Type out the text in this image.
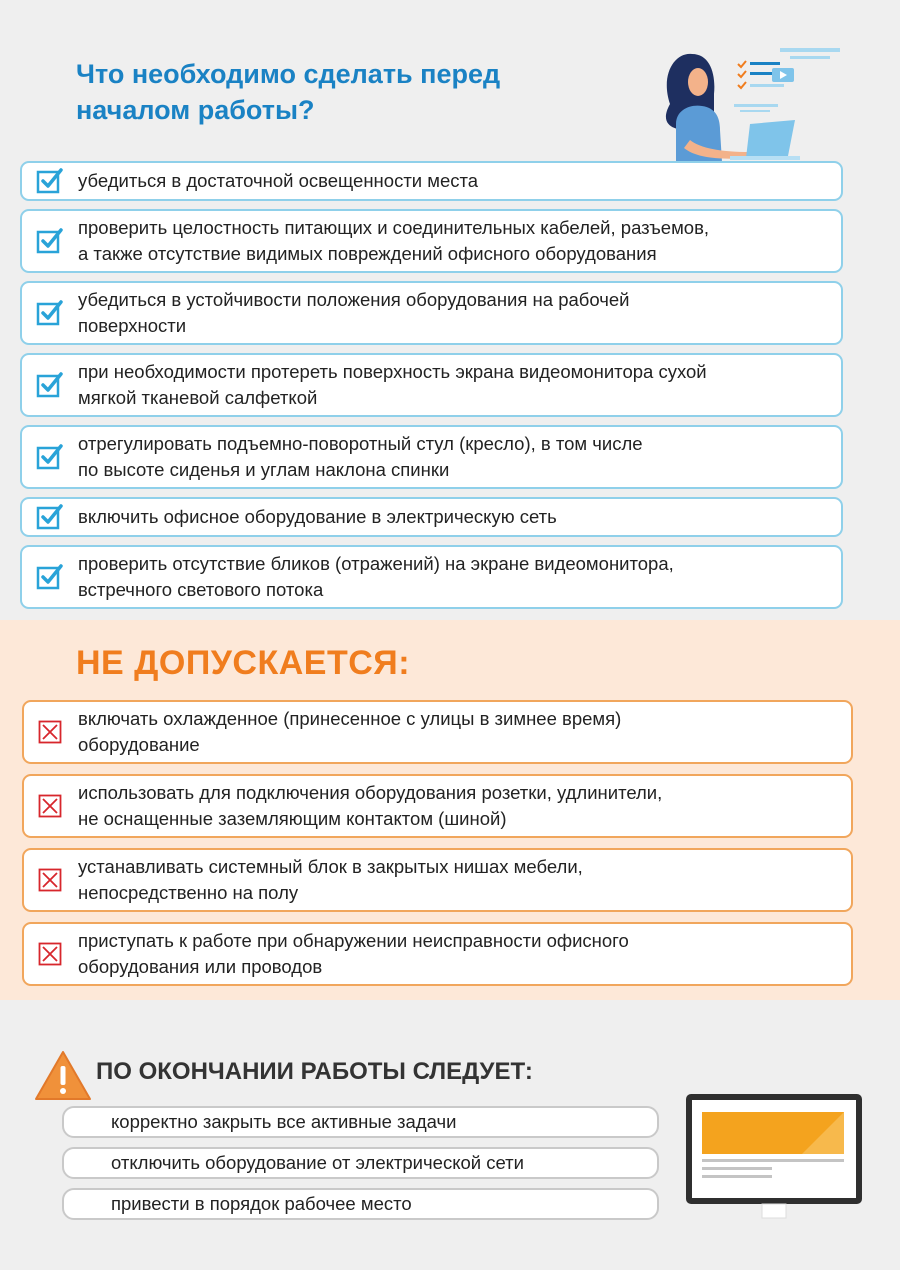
Что необходимо сделать перед
началом работы?
убедиться в достаточной освещенности места
проверить целостность питающих и соединительных кабелей, разъемов,
а также отсутствие видимых повреждений офисного оборудования
убедиться в устойчивости положения оборудования на рабочей
поверхности
при необходимости протереть поверхность экрана видеомонитора сухой
мягкой тканевой салфеткой
отрегулировать подъемно-поворотный стул (кресло), в том числе
по высоте сиденья и углам наклона спинки
включить офисное оборудование в электрическую сеть
проверить отсутствие бликов (отражений) на экране видеомонитора,
встречного светового потока
НЕ ДОПУСКАЕТСЯ:
включать охлажденное (принесенное с улицы в зимнее время)
оборудование
использовать для подключения оборудования розетки, удлинители,
не оснащенные заземляющим контактом (шиной)
устанавливать системный блок в закрытых нишах мебели,
непосредственно на полу
приступать к работе при обнаружении неисправности офисного
оборудования или проводов
ПО ОКОНЧАНИИ РАБОТЫ СЛЕДУЕТ:
корректно закрыть все активные задачи
отключить оборудование от электрической сети
привести в порядок рабочее место
